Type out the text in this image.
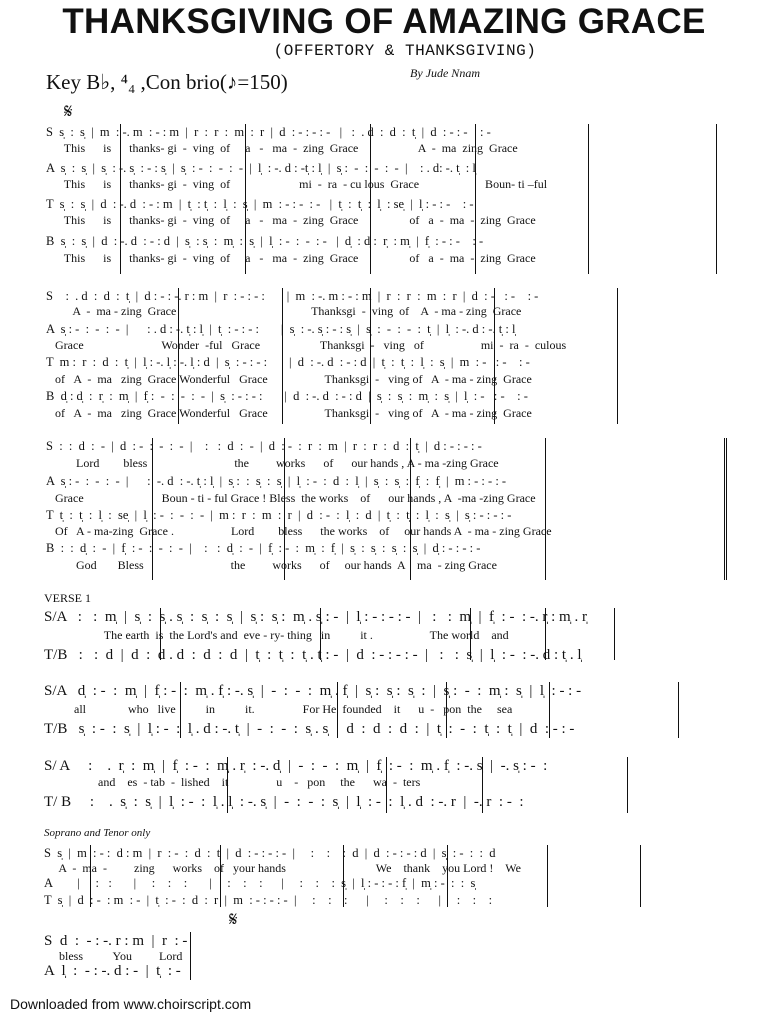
THANKSGIVING OF AMAZING GRACE
(OFFERTORY & THANKSGIVING)
By Jude Nnam
Key B♭, ⁴₄ ,Con brio(♪=150)
𝄋
𝄋
S  s̩  :  s̩  |  m  : -. m  : - : m  |  r  :  r  :  m  :  r  |  d  : - : - : -   |   :  . d  :  d  :  t̩  |  d  : - : -    : -
This      is      thanks- gi  -  ving  of     a   -   ma  -  zing  Grace                    A  -  ma  zing  Grace
A  s̩  :  s̩  |  s̩  : -. s̩  : - : s̩  |  s̩  : -  :  -  :  -  |  l̩  : -. d : -t̩ : l̩  |  s̩ :  -  :  -  :  -  |    : . d: -. t̩  : l̩
This      is      thanks- gi  -  ving  of                       mi  -  ra  - cu lous  Grace                      Boun- ti –ful
T  s̩  :  s̩  |  d  : -. d  : - : m  |  t̩  : t̩  :  l̩  :  s̩  |  m  : - : -  : -   |  t̩  :  t̩  :  l̩  : se̩  |  l̩ : - : -    : -
This      is      thanks- gi  -  ving  of     a   -   ma  -  zing  Grace                 of   a  -  ma  -  zing  Grace
B  s̩  :  s̩  |  d  : -. d  : - : d  |  s̩  : s̩  :  m̩  :  s̩  |  l̩  : -  :  -  : -   |  d̩  : d̩ :  r̩  : m̩  |  f̩  : - : -    : -
This      is      thanks- gi  -  ving  of     a   -   ma  -  zing  Grace                 of   a  -  ma  -  zing  Grace
S    :  . d  :  d  :  t̩  |  d : - : -. r : m  |  r  : - : - :       |  m  : -. m : - : m  |  r  :  r  :  m  :  r  |  d  : -   : -    : -
A  -  ma - zing  Grace                                             Thanksgi  -  ving  of    A  - ma - zing  Grace
A  s̩ : -  :  -  :  -  |      : . d : -. t̩ : l̩  |  t̩  : - : - :       |  s̩  : -. s̩ : - : s̩  |  s̩  :  -  :  -  :  t̩  |  l̩  : -. d : -. t̩ : l̩
Grace                          Wonder  -ful   Grace                    Thanksgi  -   ving   of                   mi  -  ra  -  culous
T  m :  r  :  d  :  t̩  |  l̩ : -. l̩ : -. l̩ : d  |  s̩  : - : - :       |  d  : -. d  : - : d  |  t̩  :  t̩  :  l̩  :  s̩  |  m  : -   : -    : -
of   A  -  ma   zing  Grace Wonderful   Grace                   Thanksgi  -   ving of   A  - ma - zing  Grace
B  d̩ : d̩  :  r̩  :  m̩  |  f̩ :  -  :  -  :  -  |  s̩  : - : - :       |  d  : -. d  : - : d  |  s̩  :  s̩  :  m̩  :  s̩  |  l̩  : -   : -    : -
of   A  -  ma   zing  Grace Wonderful   Grace                   Thanksgi  -   ving of   A  - ma - zing  Grace
S  :  :  d  :  -  |  d  : -  :  -  :  -  |    :   :  d  :  -  |  d  : -  :  r  :  m  |  r  :  r  :  d  :  t̩  |  d : - : - : -
Lord        bless                             the         works      of      our hands , A - ma -zing Grace
A  s̩ : -  :  -  :  -  |      :  -. d  : -. t̩ : l̩  |  s̩ :  :  s̩  :  s̩  |  l̩  : -  :  d  :  l̩  |  s̩  :  s̩  :  f̩  :  f̩  |  m : - : - : -
Grace                          Boun - ti - ful Grace ! Bless  the works    of      our hands , A  -ma -zing Grace
T  t̩  :  t̩  :  l̩  :  se̩  |  l̩  : -  :  -  :  -  |  m :  r  :  m  :  r  |  d  : -  :  l̩  :  d  |  t̩  :  t̩  :  l̩  :  s̩  |  s̩ : - : - : -
Of   A - ma-zing  Grace .                   Lord        bless      the works    of     our hands A  - ma - zing Grace
B  :  :  d̩  :  -  |  f̩  : -  :  -  :  -  |    :   :  d̩  :  -  |  f̩  : -  :  m̩  :  f̩  |  s̩  :  s̩  :  s̩  :  s̩  |  d̩ : - : - : -
God       Bless                             the         works      of     our hands  A    ma  - zing Grace
VERSE 1
S/A   :   :  m̩  |  s̩  :  s̩ . s̩  :  s̩  :  s̩  |  s̩ :  s̩ :  m̩ . s̩ : -  |  l̩ : - : - : -  |   :   :  m̩  |  f̩  : -  : -. r̩ : m̩ . r̩
The earth  is  the Lord's and  eve - ry- thing   in          it .                   The world    and
T/B   :   :  d  |  d  :  d . d  :  d  :  d  |  t̩  :  t̩  :  t̩ . t̩ : -  |  d  : - : - : -  |   :   :  s̩  |  l̩  : -  : -. d : t̩ . l̩
S/A   d̩  : -  :  m̩  |  f̩ : -  :  m̩ . f̩ : -. s̩  |  -  :  -  :  m̩ . f̩  |  s̩ :  s̩ :  s̩  :  |  s̩ :  -  :  m̩ :  s̩  |  l̩  : - : -
all              who   live          in          it.                For He  founded    it      u  -   pon  the     sea
T/B   s̩  : -  :  s̩  |  l̩ : -  :  l̩ . d : -. t̩  |  -  :  -  :  s̩ . s̩  |  d  :  d  :  d  :  |  t̩  :  -  :  t̩  :  t̩  |  d  : - : -
S/ A     :    .  r̩  :  m̩  |  f̩  : -  :  m̩ . r̩  : -. d̩  |  -  :  -  :  m̩  |  f̩  : -  :  m̩ . f̩  : -. s̩  |  -. s̩ : -  :
and    es  - tab  -  lished    it                u    -   pon     the      wa  -  ters
T/ B     :    .  s̩  :  s̩  |  l̩  : -  :  l̩ . l̩  : -. s̩  |  -  :  -  :  s̩  |  l̩  : -  :  l̩ . d  : -. r  |  -. r  : -  :
Soprano and Tenor only
S  s̩  |  m  : - :  d : m  |  r  : -  :  d  :  t̩  |  d  : - : - : -  |     :    :    :  d  |  d  : - : - : d  |  s̩  : -  :  :  d
A  -  ma  -         zing      works    of   your hands                              We    thank    you Lord !    We
A        |     :   :       |     :    :    :       |     :    :    :      |     :    :    :  s̩  |  l̩ : - : - : f̩  |  m̩ : -  :  :  s̩
T  s̩  |  d  : -  : m  : -  |  t̩  : -  :  d  :  r  |  m  : - : - : -  |     :    :    :      |     :    :    :      |     :    :    :
S  d  :  - : -. r : m  |  r  : -
bless          You         Lord
A  l̩  :  - : -. d : -  |  t̩  : -
Downloaded from www.choirscript.com
